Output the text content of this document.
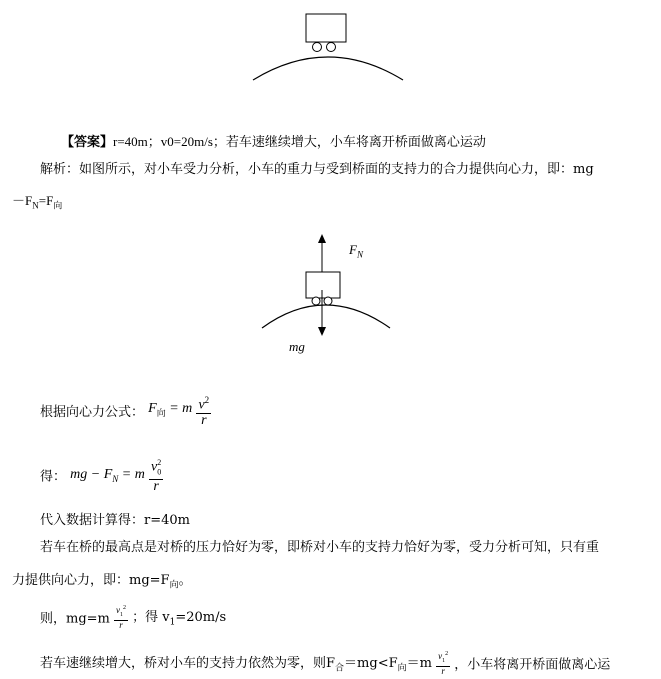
【答案】r=40m；v0=20m/s；若车速继续增大，小车将离开桥面做离心运动
解析：如图所示，对小车受力分析，小车的重力与受到桥面的支持力的合力提供向心力，即：mg
$-F_N=F_向$
$F_N$
mg
根据向心力公式： $F_向 = m \frac{v^2}{r}$
得： mg − $F_N = m \frac{v_0^2}{r}$
代入数据计算得：r=40m
若车在桥的最高点是对桥的压力恰好为零，即桥对小车的支持力恰好为零，受力分析可知，只有重
力提供向心力，即：$mg=F_向$。
则，$mg=m \frac{v_1^2}{r}$ ；得 $v_1=20m/s$
若车速继续增大，桥对小车的支持力依然为零，则$F_合=mg<F_向=m \frac{v_1^2}{r}$ ，小车将离开桥面做离心运
